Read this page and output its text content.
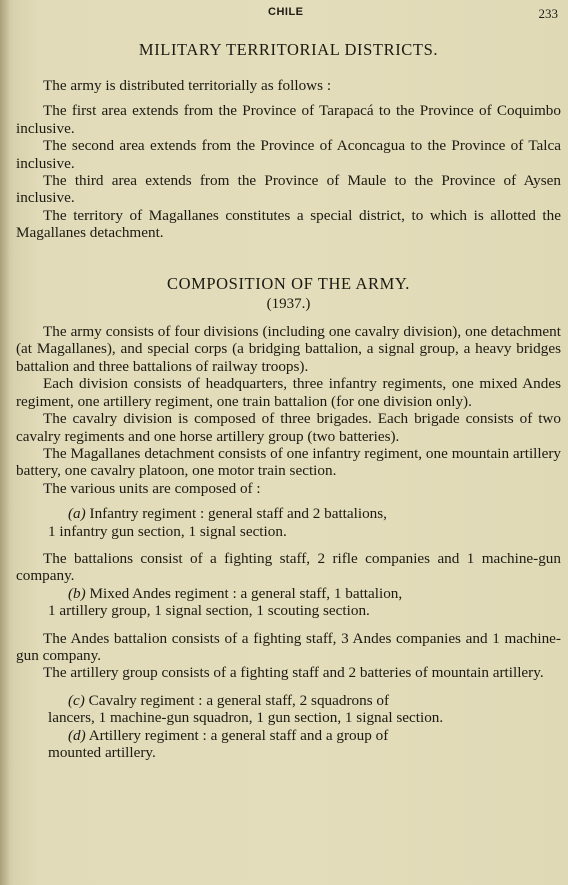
CHILE	233
MILITARY TERRITORIAL DISTRICTS.

The army is distributed territorially as follows :

The first area extends from the Province of Tarapacá to the Province of Coquimbo inclusive.

The second area extends from the Province of Aconcagua to the Province of Talca inclusive.

The third area extends from the Province of Maule to the Province of Aysen inclusive.

The territory of Magallanes constitutes a special district, to which is allotted the Magallanes detachment.

COMPOSITION OF THE ARMY.
(1937.)

The army consists of four divisions (including one cavalry division), one detachment (at Magallanes), and special corps (a bridging battalion, a signal group, a heavy bridges battalion and three battalions of railway troops).

Each division consists of headquarters, three infantry regiments, one mixed Andes regiment, one artillery regiment, one train battalion (for one division only).

The cavalry division is composed of three brigades. Each brigade consists of two cavalry regiments and one horse artillery group (two batteries).

The Magallanes detachment consists of one infantry regiment, one mountain artillery battery, one cavalry platoon, one motor train section.

The various units are composed of :

(a) Infantry regiment : general staff and 2 battalions,
1 infantry gun section, 1 signal section.

The battalions consist of a fighting staff, 2 rifle companies and 1 machine-gun company.

(b) Mixed Andes regiment : a general staff, 1 battalion,
1 artillery group, 1 signal section, 1 scouting section.

The Andes battalion consists of a fighting staff, 3 Andes companies and 1 machine-gun company.

The artillery group consists of a fighting staff and 2 batteries of mountain artillery.

(c) Cavalry regiment : a general staff, 2 squadrons of
lancers, 1 machine-gun squadron, 1 gun section, 1 signal section.
(d) Artillery regiment : a general staff and a group of
mounted artillery.
